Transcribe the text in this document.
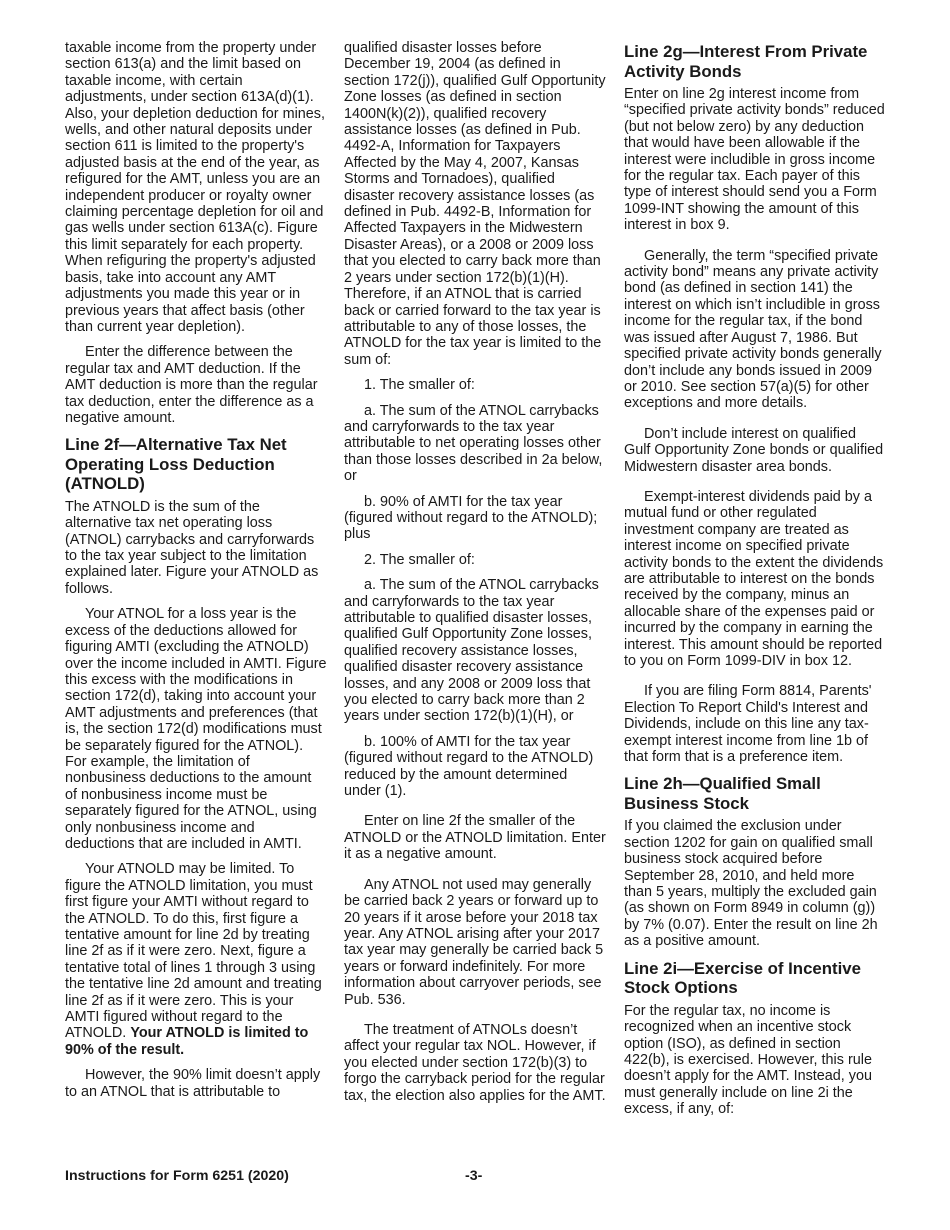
taxable income from the property under section 613(a) and the limit based on taxable income, with certain adjustments, under section 613A(d)(1). Also, your depletion deduction for mines, wells, and other natural deposits under section 611 is limited to the property's adjusted basis at the end of the year, as refigured for the AMT, unless you are an independent producer or royalty owner claiming percentage depletion for oil and gas wells under section 613A(c). Figure this limit separately for each property. When refiguring the property's adjusted basis, take into account any AMT adjustments you made this year or in previous years that affect basis (other than current year depletion).

Enter the difference between the regular tax and AMT deduction. If the AMT deduction is more than the regular tax deduction, enter the difference as a negative amount.

Line 2f—Alternative Tax Net Operating Loss Deduction (ATNOLD)

The ATNOLD is the sum of the alternative tax net operating loss (ATNOL) carrybacks and carryforwards to the tax year subject to the limitation explained later. Figure your ATNOLD as follows.

Your ATNOL for a loss year is the excess of the deductions allowed for figuring AMTI (excluding the ATNOLD) over the income included in AMTI. Figure this excess with the modifications in section 172(d), taking into account your AMT adjustments and preferences (that is, the section 172(d) modifications must be separately figured for the ATNOL). For example, the limitation of nonbusiness deductions to the amount of nonbusiness income must be separately figured for the ATNOL, using only nonbusiness income and deductions that are included in AMTI.

Your ATNOLD may be limited. To figure the ATNOLD limitation, you must first figure your AMTI without regard to the ATNOLD. To do this, first figure a tentative amount for line 2d by treating line 2f as if it were zero. Next, figure a tentative total of lines 1 through 3 using the tentative line 2d amount and treating line 2f as if it were zero. This is your AMTI figured without regard to the ATNOLD. Your ATNOLD is limited to 90% of the result.

However, the 90% limit doesn’t apply to an ATNOL that is attributable to

qualified disaster losses before December 19, 2004 (as defined in section 172(j)), qualified Gulf Opportunity Zone losses (as defined in section 1400N(k)(2)), qualified recovery assistance losses (as defined in Pub. 4492-A, Information for Taxpayers Affected by the May 4, 2007, Kansas Storms and Tornadoes), qualified disaster recovery assistance losses (as defined in Pub. 4492-B, Information for Affected Taxpayers in the Midwestern Disaster Areas), or a 2008 or 2009 loss that you elected to carry back more than 2 years under section 172(b)(1)(H). Therefore, if an ATNOL that is carried back or carried forward to the tax year is attributable to any of those losses, the ATNOLD for the tax year is limited to the sum of:

1. The smaller of:

a. The sum of the ATNOL carrybacks and carryforwards to the tax year attributable to net operating losses other than those losses described in 2a below, or

b. 90% of AMTI for the tax year (figured without regard to the ATNOLD); plus

2. The smaller of:

a. The sum of the ATNOL carrybacks and carryforwards to the tax year attributable to qualified disaster losses, qualified Gulf Opportunity Zone losses, qualified recovery assistance losses, qualified disaster recovery assistance losses, and any 2008 or 2009 loss that you elected to carry back more than 2 years under section 172(b)(1)(H), or

b. 100% of AMTI for the tax year (figured without regard to the ATNOLD) reduced by the amount determined under (1).

Enter on line 2f the smaller of the ATNOLD or the ATNOLD limitation. Enter it as a negative amount.

Any ATNOL not used may generally be carried back 2 years or forward up to 20 years if it arose before your 2018 tax year. Any ATNOL arising after your 2017 tax year may generally be carried back 5 years or forward indefinitely. For more information about carryover periods, see Pub. 536.

The treatment of ATNOLs doesn’t affect your regular tax NOL. However, if you elected under section 172(b)(3) to forgo the carryback period for the regular tax, the election also applies for the AMT.

Line 2g—Interest From Private Activity Bonds

Enter on line 2g interest income from “specified private activity bonds” reduced (but not below zero) by any deduction that would have been allowable if the interest were includible in gross income for the regular tax. Each payer of this type of interest should send you a Form 1099-INT showing the amount of this interest in box 9.

Generally, the term “specified private activity bond” means any private activity bond (as defined in section 141) the interest on which isn’t includible in gross income for the regular tax, if the bond was issued after August 7, 1986. But specified private activity bonds generally don’t include any bonds issued in 2009 or 2010. See section 57(a)(5) for other exceptions and more details.

Don’t include interest on qualified Gulf Opportunity Zone bonds or qualified Midwestern disaster area bonds.

Exempt-interest dividends paid by a mutual fund or other regulated investment company are treated as interest income on specified private activity bonds to the extent the dividends are attributable to interest on the bonds received by the company, minus an allocable share of the expenses paid or incurred by the company in earning the interest. This amount should be reported to you on Form 1099-DIV in box 12.

If you are filing Form 8814, Parents' Election To Report Child's Interest and Dividends, include on this line any tax-exempt interest income from line 1b of that form that is a preference item.

Line 2h—Qualified Small Business Stock

If you claimed the exclusion under section 1202 for gain on qualified small business stock acquired before September 28, 2010, and held more than 5 years, multiply the excluded gain (as shown on Form 8949 in column (g)) by 7% (0.07). Enter the result on line 2h as a positive amount.

Line 2i—Exercise of Incentive Stock Options

For the regular tax, no income is recognized when an incentive stock option (ISO), as defined in section 422(b), is exercised. However, this rule doesn’t apply for the AMT. Instead, you must generally include on line 2i the excess, if any, of:

Instructions for Form 6251 (2020)	-3-
